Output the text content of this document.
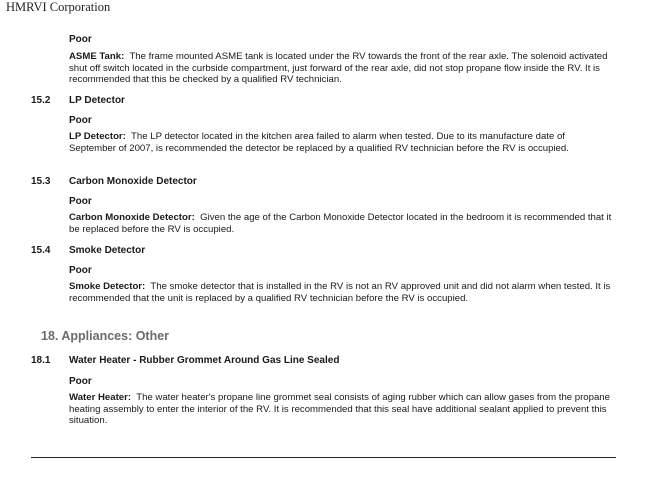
HMRVI Corporation
Poor
ASME Tank: The frame mounted ASME tank is located under the RV towards the front of the rear axle. The solenoid activated shut off switch located in the curbside compartment, just forward of the rear axle, did not stop propane flow inside the RV. It is recommended that this be checked by a qualified RV technician.
15.2 LP Detector
Poor
LP Detector: The LP detector located in the kitchen area failed to alarm when tested. Due to its manufacture date of September of 2007, is recommended the detector be replaced by a qualified RV technician before the RV is occupied.
15.3 Carbon Monoxide Detector
Poor
Carbon Monoxide Detector: Given the age of the Carbon Monoxide Detector located in the bedroom it is recommended that it be replaced before the RV is occupied.
15.4 Smoke Detector
Poor
Smoke Detector: The smoke detector that is installed in the RV is not an RV approved unit and did not alarm when tested. It is recommended that the unit is replaced by a qualified RV technician before the RV is occupied.
18. Appliances: Other
18.1 Water Heater - Rubber Grommet Around Gas Line Sealed
Poor
Water Heater: The water heater's propane line grommet seal consists of aging rubber which can allow gases from the propane heating assembly to enter the interior of the RV. It is recommended that this seal have additional sealant applied to prevent this situation.
